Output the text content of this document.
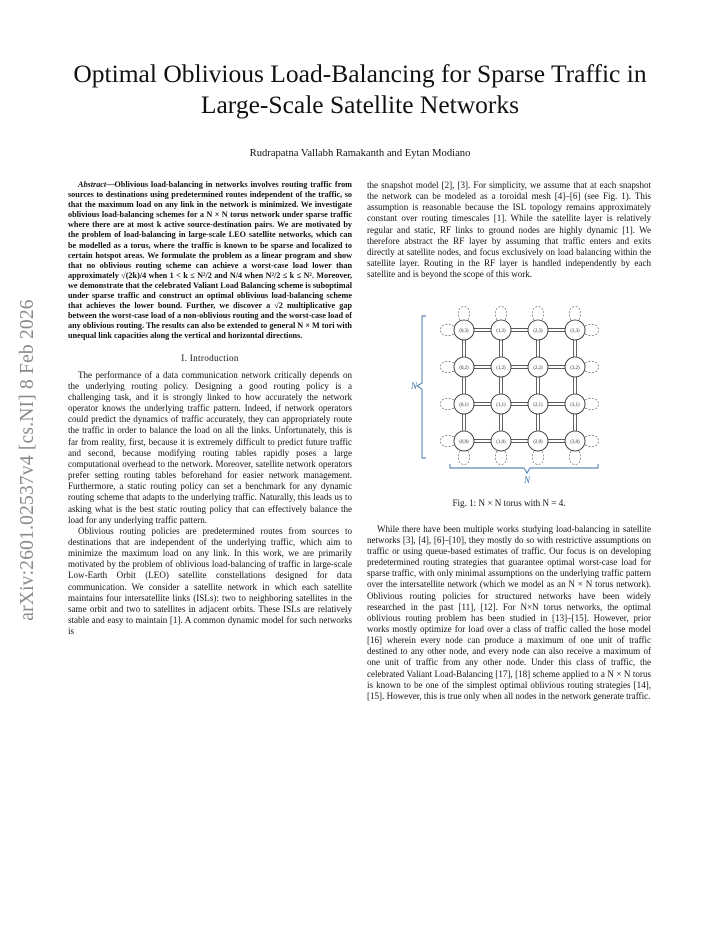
arXiv:2601.02537v4 [cs.NI] 8 Feb 2026
Optimal Oblivious Load-Balancing for Sparse Traffic in Large-Scale Satellite Networks
Rudrapatna Vallabh Ramakanth and Eytan Modiano

Abstract—Oblivious load-balancing in networks involves routing traffic from sources to destinations using predetermined routes independent of the traffic, so that the maximum load on any link in the network is minimized. We investigate oblivious load-balancing schemes for a N × N torus network under sparse traffic where there are at most k active source-destination pairs. We are motivated by the problem of load-balancing in large-scale LEO satellite networks, which can be modelled as a torus, where the traffic is known to be sparse and localized to certain hotspot areas. We formulate the problem as a linear program and show that no oblivious routing scheme can achieve a worst-case load lower than approximately √(2k)/4 when 1 < k ≤ N²/2 and N/4 when N²/2 ≤ k ≤ N². Moreover, we demonstrate that the celebrated Valiant Load Balancing scheme is suboptimal under sparse traffic and construct an optimal oblivious load-balancing scheme that achieves the lower bound. Further, we discover a √2 multiplicative gap between the worst-case load of a non-oblivious routing and the worst-case load of any oblivious routing. The results can also be extended to general N × M tori with unequal link capacities along the vertical and horizontal directions.

I. Introduction

The performance of a data communication network critically depends on the underlying routing policy. Designing a good routing policy is a challenging task, and it is strongly linked to how accurately the network operator knows the underlying traffic pattern. Indeed, if network operators could predict the dynamics of traffic accurately, they can appropriately route the traffic in order to balance the load on all the links. Unfortunately, this is far from reality, first, because it is extremely difficult to predict future traffic and second, because modifying routing tables rapidly poses a large computational overhead to the network. Moreover, satellite network operators prefer setting routing tables beforehand for easier network management. Furthermore, a static routing policy can set a benchmark for any dynamic routing scheme that adapts to the underlying traffic. Naturally, this leads us to asking what is the best static routing policy that can effectively balance the load for any underlying traffic pattern.

Oblivious routing policies are predetermined routes from sources to destinations that are independent of the underlying traffic, which aim to minimize the maximum load on any link. In this work, we are primarily motivated by the problem of oblivious load-balancing of traffic in large-scale Low-Earth Orbit (LEO) satellite constellations designed for data communication. We consider a satellite network in which each satellite maintains four intersatellite links (ISLs): two to neighboring satellites in the same orbit and two to satellites in adjacent orbits. These ISLs are relatively stable and easy to maintain [1]. A common dynamic model for such networks is

the snapshot model [2], [3]. For simplicity, we assume that at each snapshot the network can be modeled as a toroidal mesh [4]–[6] (see Fig. 1). This assumption is reasonable because the ISL topology remains approximately constant over routing timescales [1]. While the satellite layer is relatively regular and static, RF links to ground nodes are highly dynamic [1]. We therefore abstract the RF layer by assuming that traffic enters and exits directly at satellite nodes, and focus exclusively on load balancing within the satellite layer. Routing in the RF layer is handled independently by each satellite and is beyond the scope of this work.

(0,3)	(1,3)	(2,3)	(3,3)
(0,2)	(1,2)	(2,2)	(3,2)
(0,1)	(1,1)	(2,1)	(3,1)
(0,0)	(1,0)	(2,0)	(3,0)
N
N
Fig. 1: N × N torus with N = 4.

While there have been multiple works studying load-balancing in satellite networks [3], [4], [6]–[10], they mostly do so with restrictive assumptions on traffic or using queue-based estimates of traffic. Our focus is on developing predetermined routing strategies that guarantee optimal worst-case load for sparse traffic, with only minimal assumptions on the underlying traffic pattern over the intersatellite network (which we model as an N × N torus network). Oblivious routing policies for structured networks have been widely researched in the past [11], [12]. For N×N torus networks, the optimal oblivious routing problem has been studied in [13]–[15]. However, prior works mostly optimize for load over a class of traffic called the hose model [16] wherein every node can produce a maximum of one unit of traffic destined to any other node, and every node can also receive a maximum of one unit of traffic from any other node. Under this class of traffic, the celebrated Valiant Load-Balancing [17], [18] scheme applied to a N × N torus is known to be one of the simplest optimal oblivious routing strategies [14], [15]. However, this is true only when all nodes in the network generate traffic.
